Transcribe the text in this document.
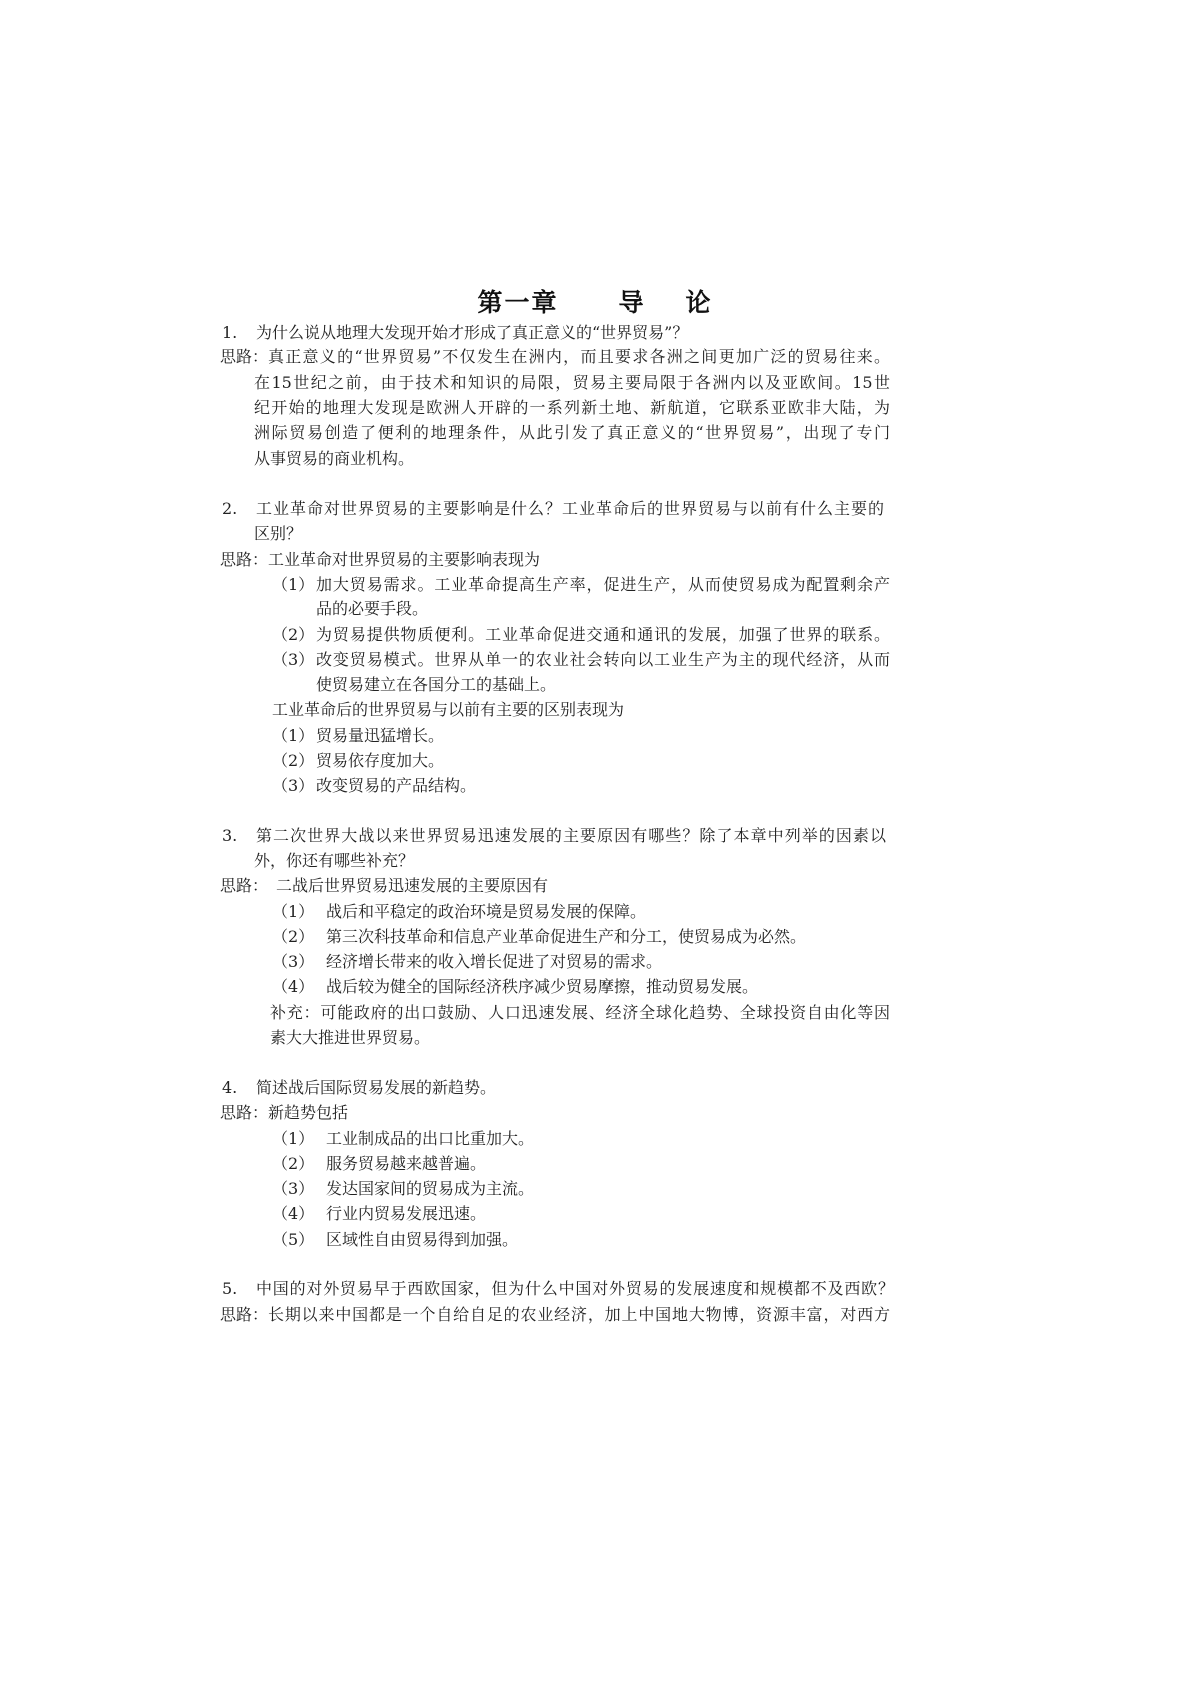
第一章 导 论
1. 为什么说从地理大发现开始才形成了真正意义的“世界贸易”？
思路： 真正意义的“世界贸易”不仅发生在洲内，而且要求各洲之间更加广泛的贸易往来。
在15世纪之前，由于技术和知识的局限，贸易主要局限于各洲内以及亚欧间。15世
纪开始的地理大发现是欧洲人开辟的一系列新土地、新航道，它联系亚欧非大陆，为
洲际贸易创造了便利的地理条件，从此引发了真正意义的“世界贸易”，出现了专门
从事贸易的商业机构。
2. 工业革命对世界贸易的主要影响是什么？工业革命后的世界贸易与以前有什么主要的
区别？
思路： 工业革命对世界贸易的主要影响表现为
（1） 加大贸易需求。工业革命提高生产率，促进生产，从而使贸易成为配置剩余产
品的必要手段。
（2） 为贸易提供物质便利。工业革命促进交通和通讯的发展，加强了世界的联系。
（3） 改变贸易模式。世界从单一的农业社会转向以工业生产为主的现代经济，从而
使贸易建立在各国分工的基础上。
工业革命后的世界贸易与以前有主要的区别表现为
（1） 贸易量迅猛增长。
（2） 贸易依存度加大。
（3） 改变贸易的产品结构。
3. 第二次世界大战以来世界贸易迅速发展的主要原因有哪些？除了本章中列举的因素以
外，你还有哪些补充？
思路： 二战后世界贸易迅速发展的主要原因有
（1） 战后和平稳定的政治环境是贸易发展的保障。
（2） 第三次科技革命和信息产业革命促进生产和分工，使贸易成为必然。
（3） 经济增长带来的收入增长促进了对贸易的需求。
（4） 战后较为健全的国际经济秩序减少贸易摩擦，推动贸易发展。
补充：可能政府的出口鼓励、人口迅速发展、经济全球化趋势、全球投资自由化等因
素大大推进世界贸易。
4. 简述战后国际贸易发展的新趋势。
思路： 新趋势包括
（1） 工业制成品的出口比重加大。
（2） 服务贸易越来越普遍。
（3） 发达国家间的贸易成为主流。
（4） 行业内贸易发展迅速。
（5） 区域性自由贸易得到加强。
5. 中国的对外贸易早于西欧国家，但为什么中国对外贸易的发展速度和规模都不及西欧？
思路： 长期以来中国都是一个自给自足的农业经济，加上中国地大物博，资源丰富，对西方
